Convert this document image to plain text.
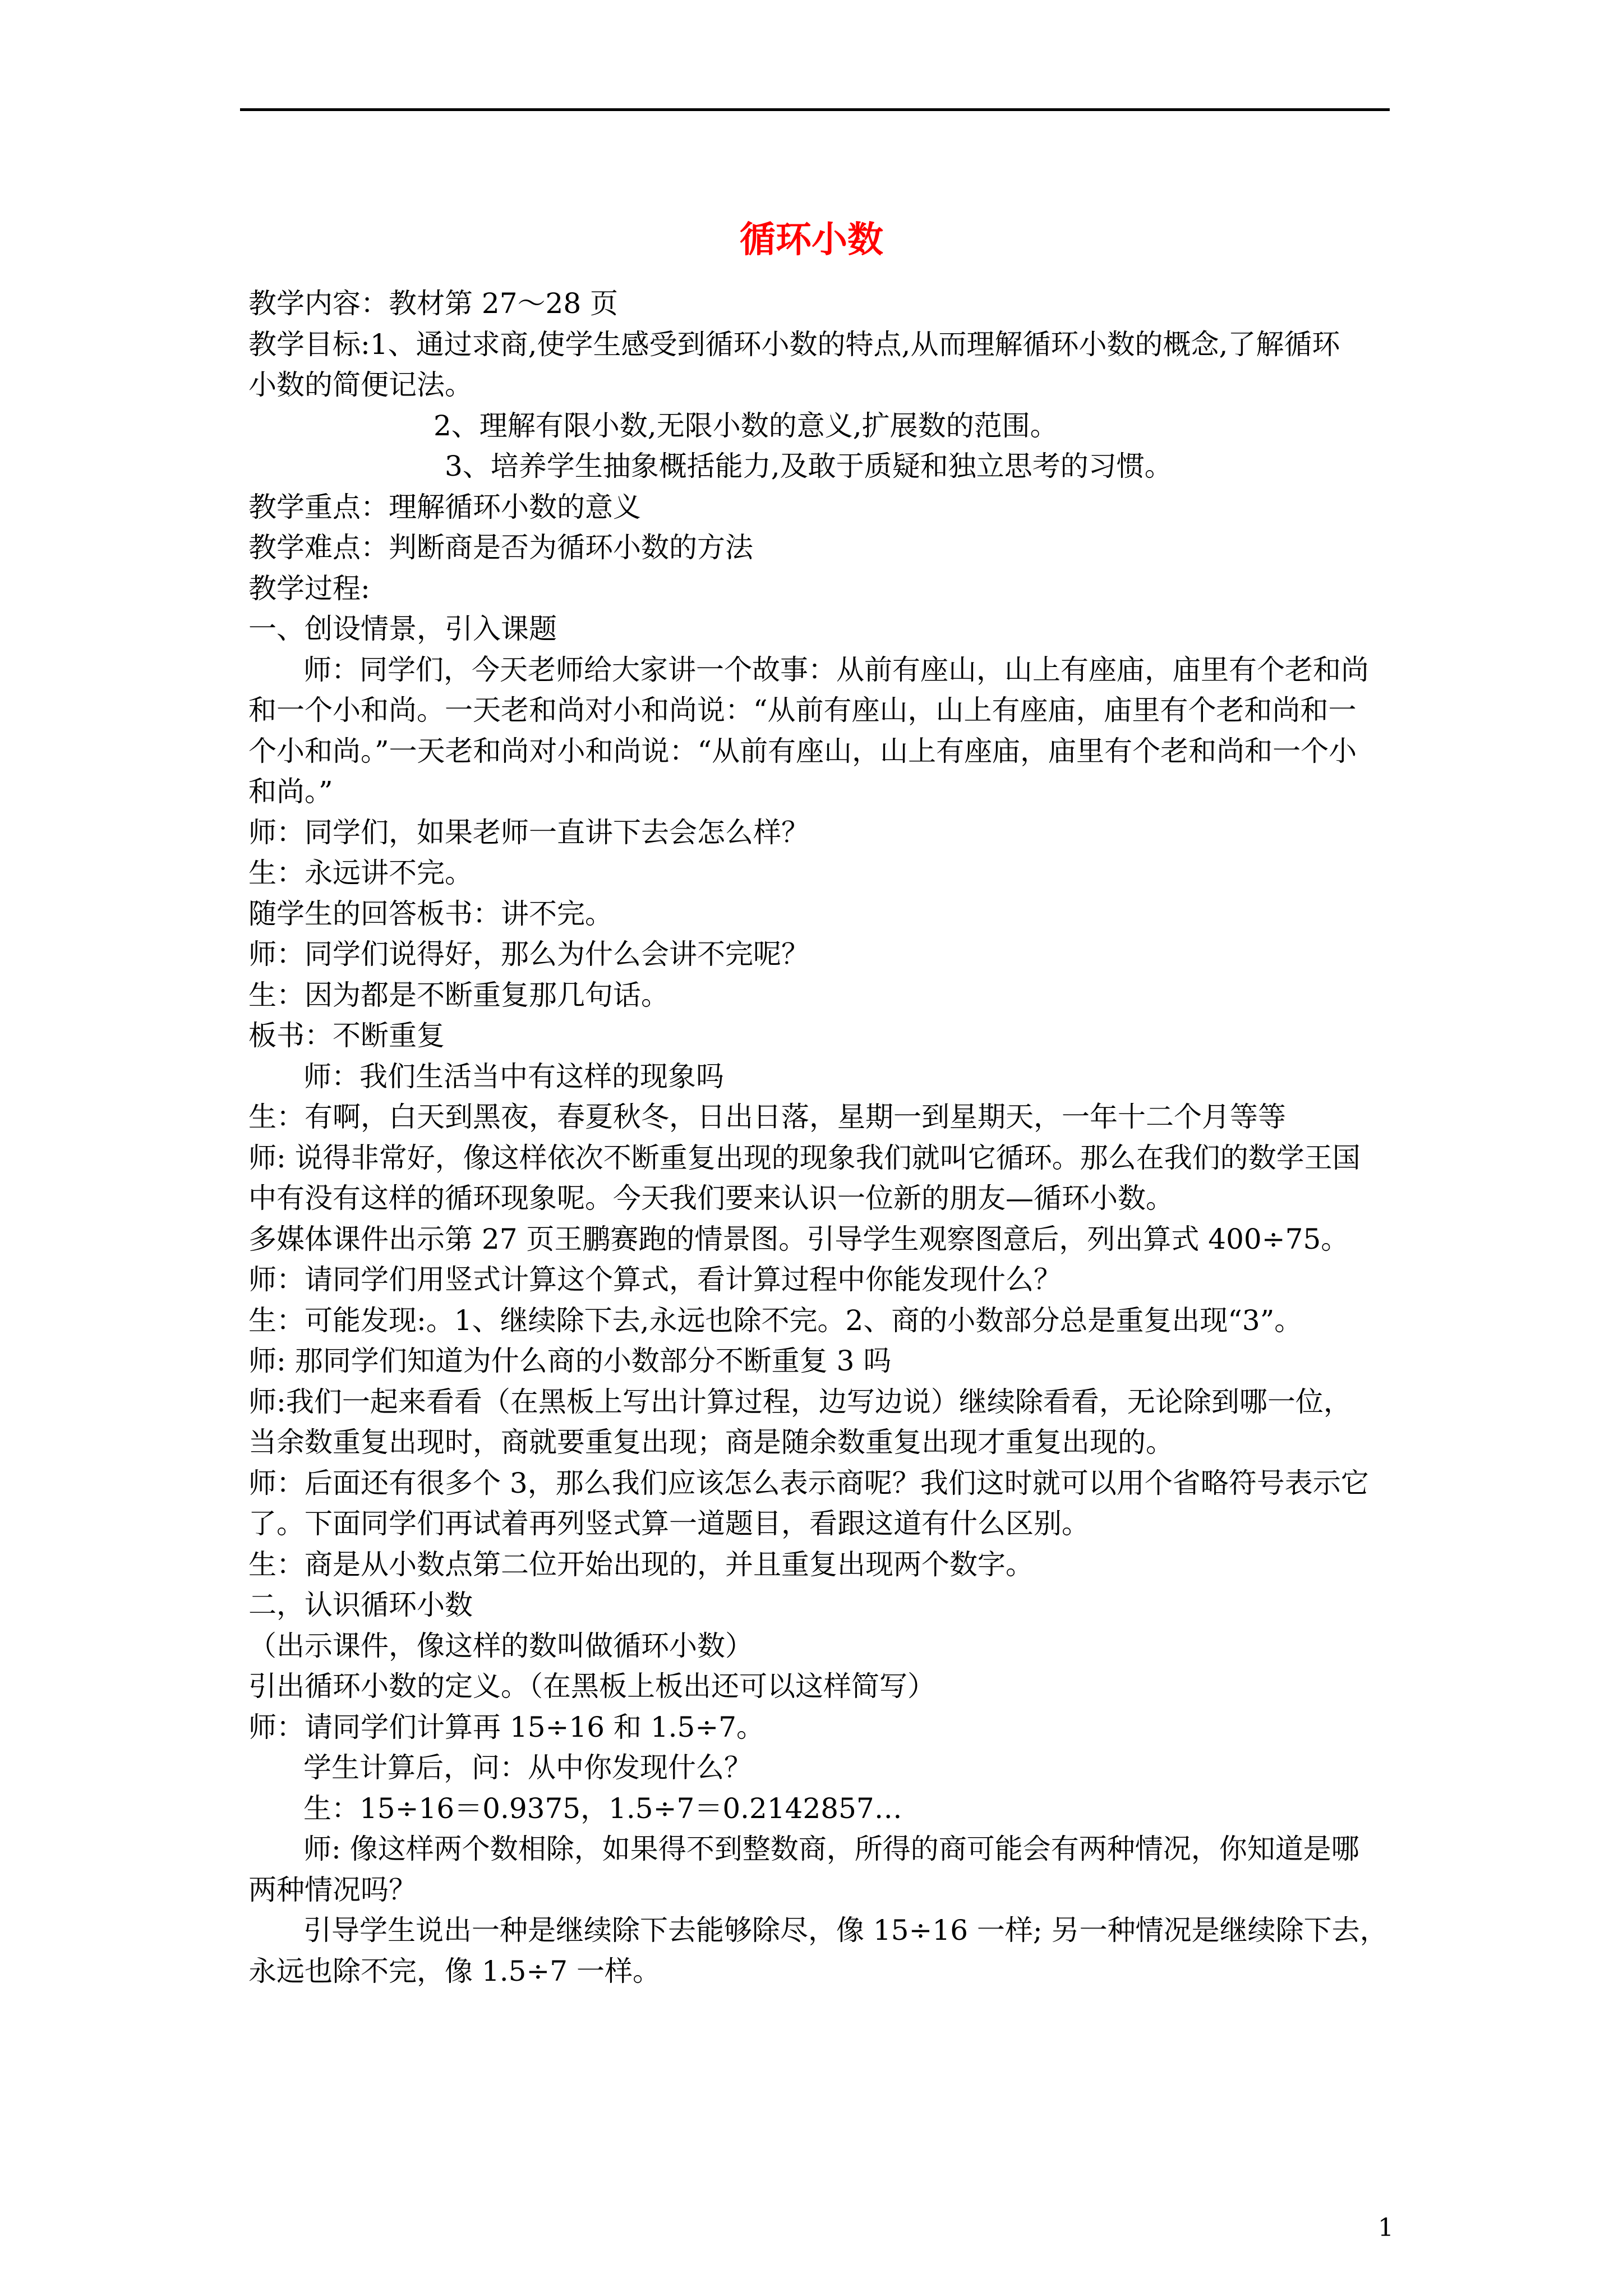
循环小数
教学内容：教材第 27～28 页
教学目标:1、通过求商,使学生感受到循环小数的特点,从而理解循环小数的概念,了解循环
小数的简便记法。
2、理解有限小数,无限小数的意义,扩展数的范围。
3、培养学生抽象概括能力,及敢于质疑和独立思考的习惯。
教学重点：理解循环小数的意义
教学难点：判断商是否为循环小数的方法
教学过程:
一、创设情景，引入课题
师：同学们，今天老师给大家讲一个故事：从前有座山，山上有座庙，庙里有个老和尚
和一个小和尚。一天老和尚对小和尚说：“从前有座山，山上有座庙，庙里有个老和尚和一
个小和尚。”一天老和尚对小和尚说：“从前有座山，山上有座庙，庙里有个老和尚和一个小
和尚。”
师：同学们，如果老师一直讲下去会怎么样？
生：永远讲不完。
随学生的回答板书：讲不完。
师：同学们说得好，那么为什么会讲不完呢？
生：因为都是不断重复那几句话。
板书：不断重复
师：我们生活当中有这样的现象吗
生：有啊，白天到黑夜，春夏秋冬，日出日落，星期一到星期天，一年十二个月等等
师: 说得非常好，像这样依次不断重复出现的现象我们就叫它循环。那么在我们的数学王国
中有没有这样的循环现象呢。今天我们要来认识一位新的朋友—循环小数。
多媒体课件出示第 27 页王鹏赛跑的情景图。引导学生观察图意后，列出算式 400÷75。
师：请同学们用竖式计算这个算式，看计算过程中你能发现什么？
生：可能发现:。1、继续除下去,永远也除不完。2、商的小数部分总是重复出现“3”。
师: 那同学们知道为什么商的小数部分不断重复 3 吗
师:我们一起来看看（在黑板上写出计算过程，边写边说）继续除看看，无论除到哪一位，
当余数重复出现时，商就要重复出现；商是随余数重复出现才重复出现的。
师：后面还有很多个 3，那么我们应该怎么表示商呢？我们这时就可以用个省略符号表示它
了。下面同学们再试着再列竖式算一道题目，看跟这道有什么区别。
生：商是从小数点第二位开始出现的，并且重复出现两个数字。
二，认识循环小数
（出示课件，像这样的数叫做循环小数）
引出循环小数的定义。（在黑板上板出还可以这样简写）
师：请同学们计算再 15÷16 和 1.5÷7。
学生计算后，问：从中你发现什么？
生：15÷16＝0.9375，1.5÷7＝0.2142857…
师: 像这样两个数相除，如果得不到整数商，所得的商可能会有两种情况，你知道是哪
两种情况吗？
引导学生说出一种是继续除下去能够除尽，像 15÷16 一样; 另一种情况是继续除下去，
永远也除不完，像 1.5÷7 一样。
1
